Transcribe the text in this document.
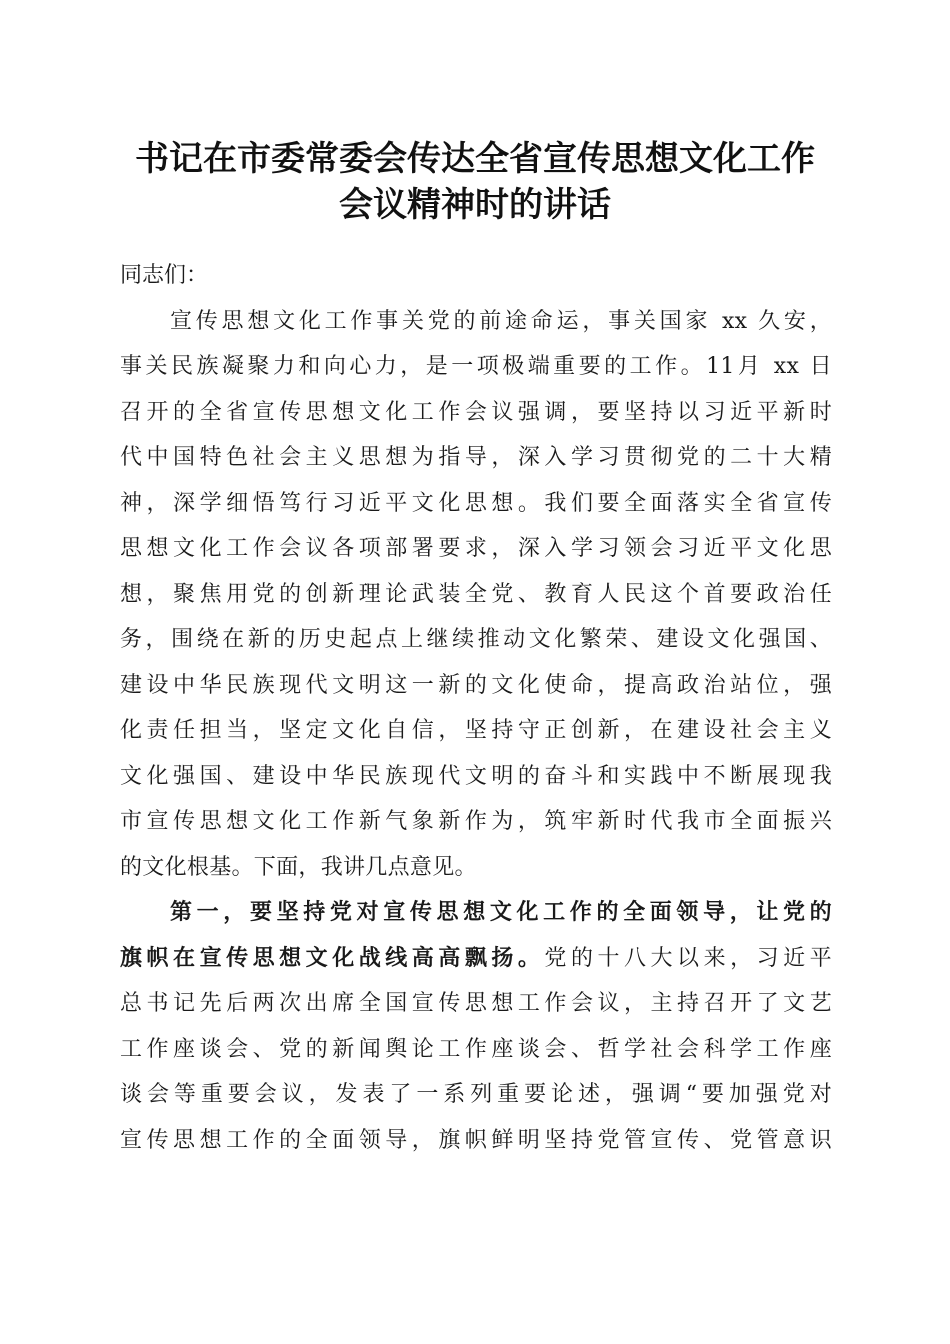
书记在市委常委会传达全省宣传思想文化工作
会议精神时的讲话

同志们：

宣传思想文化工作事关党的前途命运，事关国家 xx 久安，
事关民族凝聚力和向心力，是一项极端重要的工作。11月 xx 日
召开的全省宣传思想文化工作会议强调，要坚持以习近平新时
代中国特色社会主义思想为指导，深入学习贯彻党的二十大精
神，深学细悟笃行习近平文化思想。我们要全面落实全省宣传
思想文化工作会议各项部署要求，深入学习领会习近平文化思
想，聚焦用党的创新理论武装全党、教育人民这个首要政治任
务，围绕在新的历史起点上继续推动文化繁荣、建设文化强国、
建设中华民族现代文明这一新的文化使命，提高政治站位，强
化责任担当，坚定文化自信，坚持守正创新，在建设社会主义
文化强国、建设中华民族现代文明的奋斗和实践中不断展现我
市宣传思想文化工作新气象新作为，筑牢新时代我市全面振兴
的文化根基。下面，我讲几点意见。

第一，要坚持党对宣传思想文化工作的全面领导，让党的
旗帜在宣传思想文化战线高高飘扬。党的十八大以来，习近平
总书记先后两次出席全国宣传思想工作会议，主持召开了文艺
工作座谈会、党的新闻舆论工作座谈会、哲学社会科学工作座
谈会等重要会议，发表了一系列重要论述，强调“要加强党对
宣传思想工作的全面领导，旗帜鲜明坚持党管宣传、党管意识
